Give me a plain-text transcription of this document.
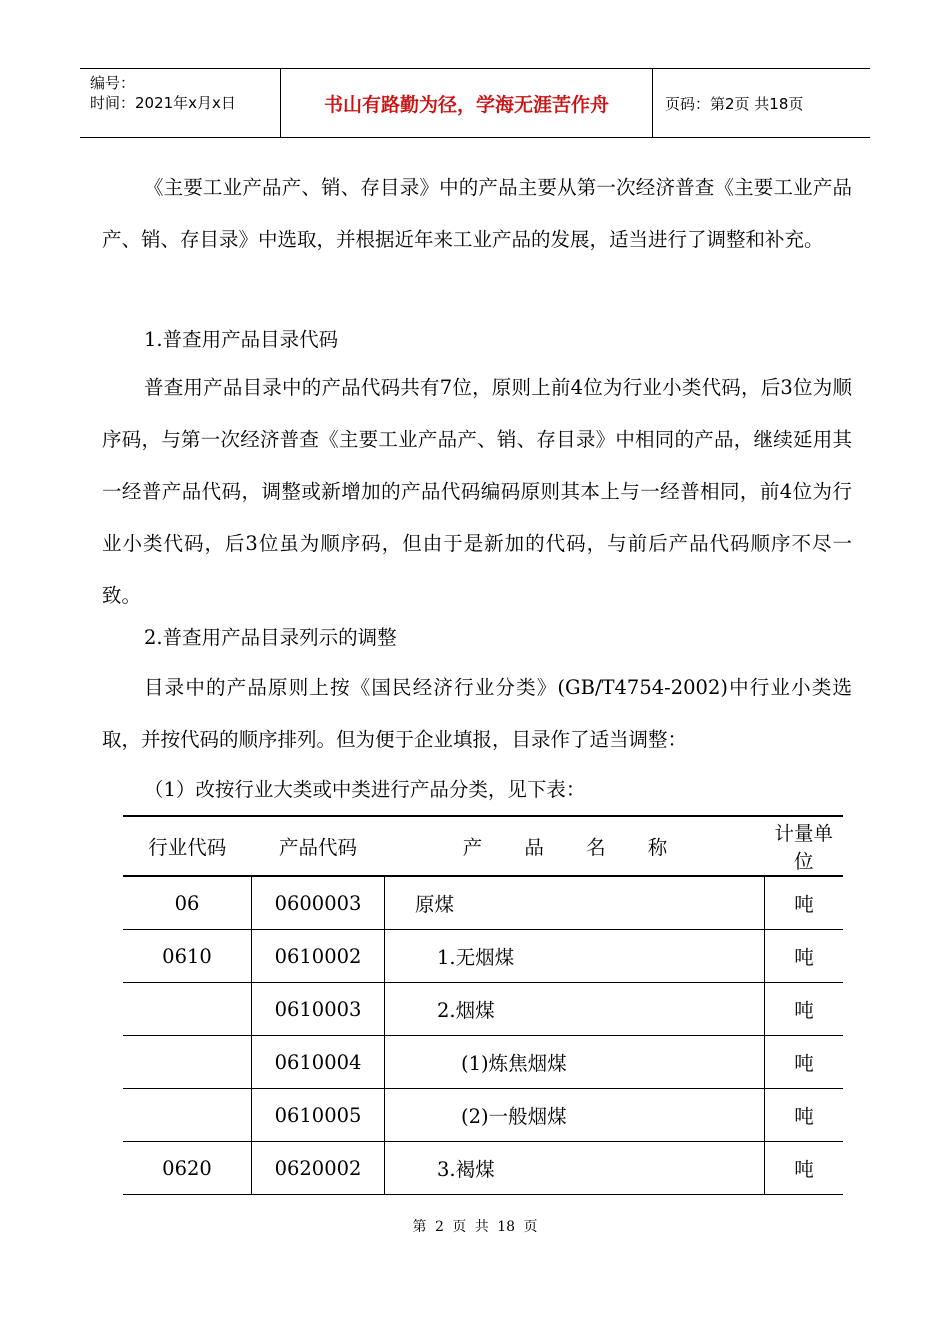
编号：
时间：2021年x月x日	书山有路勤为径，学海无涯苦作舟	页码：第2页 共18页

《主要工业产品产、销、存目录》中的产品主要从第一次经济普查《主要工业产品产、销、存目录》中选取，并根据近年来工业产品的发展，适当进行了调整和补充。

1.普查用产品目录代码

普查用产品目录中的产品代码共有7位，原则上前4位为行业小类代码，后3位为顺序码，与第一次经济普查《主要工业产品产、销、存目录》中相同的产品，继续延用其一经普产品代码，调整或新增加的产品代码编码原则其本上与一经普相同，前4位为行业小类代码，后3位虽为顺序码，但由于是新加的代码，与前后产品代码顺序不尽一致。

2.普查用产品目录列示的调整

目录中的产品原则上按《国民经济行业分类》(GB/T4754-2002)中行业小类选取，并按代码的顺序排列。但为便于企业填报，目录作了适当调整：

（1）改按行业大类或中类进行产品分类，见下表：

行业代码	产品代码	产 品 名 称	计量单位
06	0600003	原煤	吨
0610	0610002	1.无烟煤	吨
	0610003	2.烟煤	吨
	0610004	(1)炼焦烟煤	吨
	0610005	(2)一般烟煤	吨
0620	0620002	3.褐煤	吨
第 2 页 共 18 页
